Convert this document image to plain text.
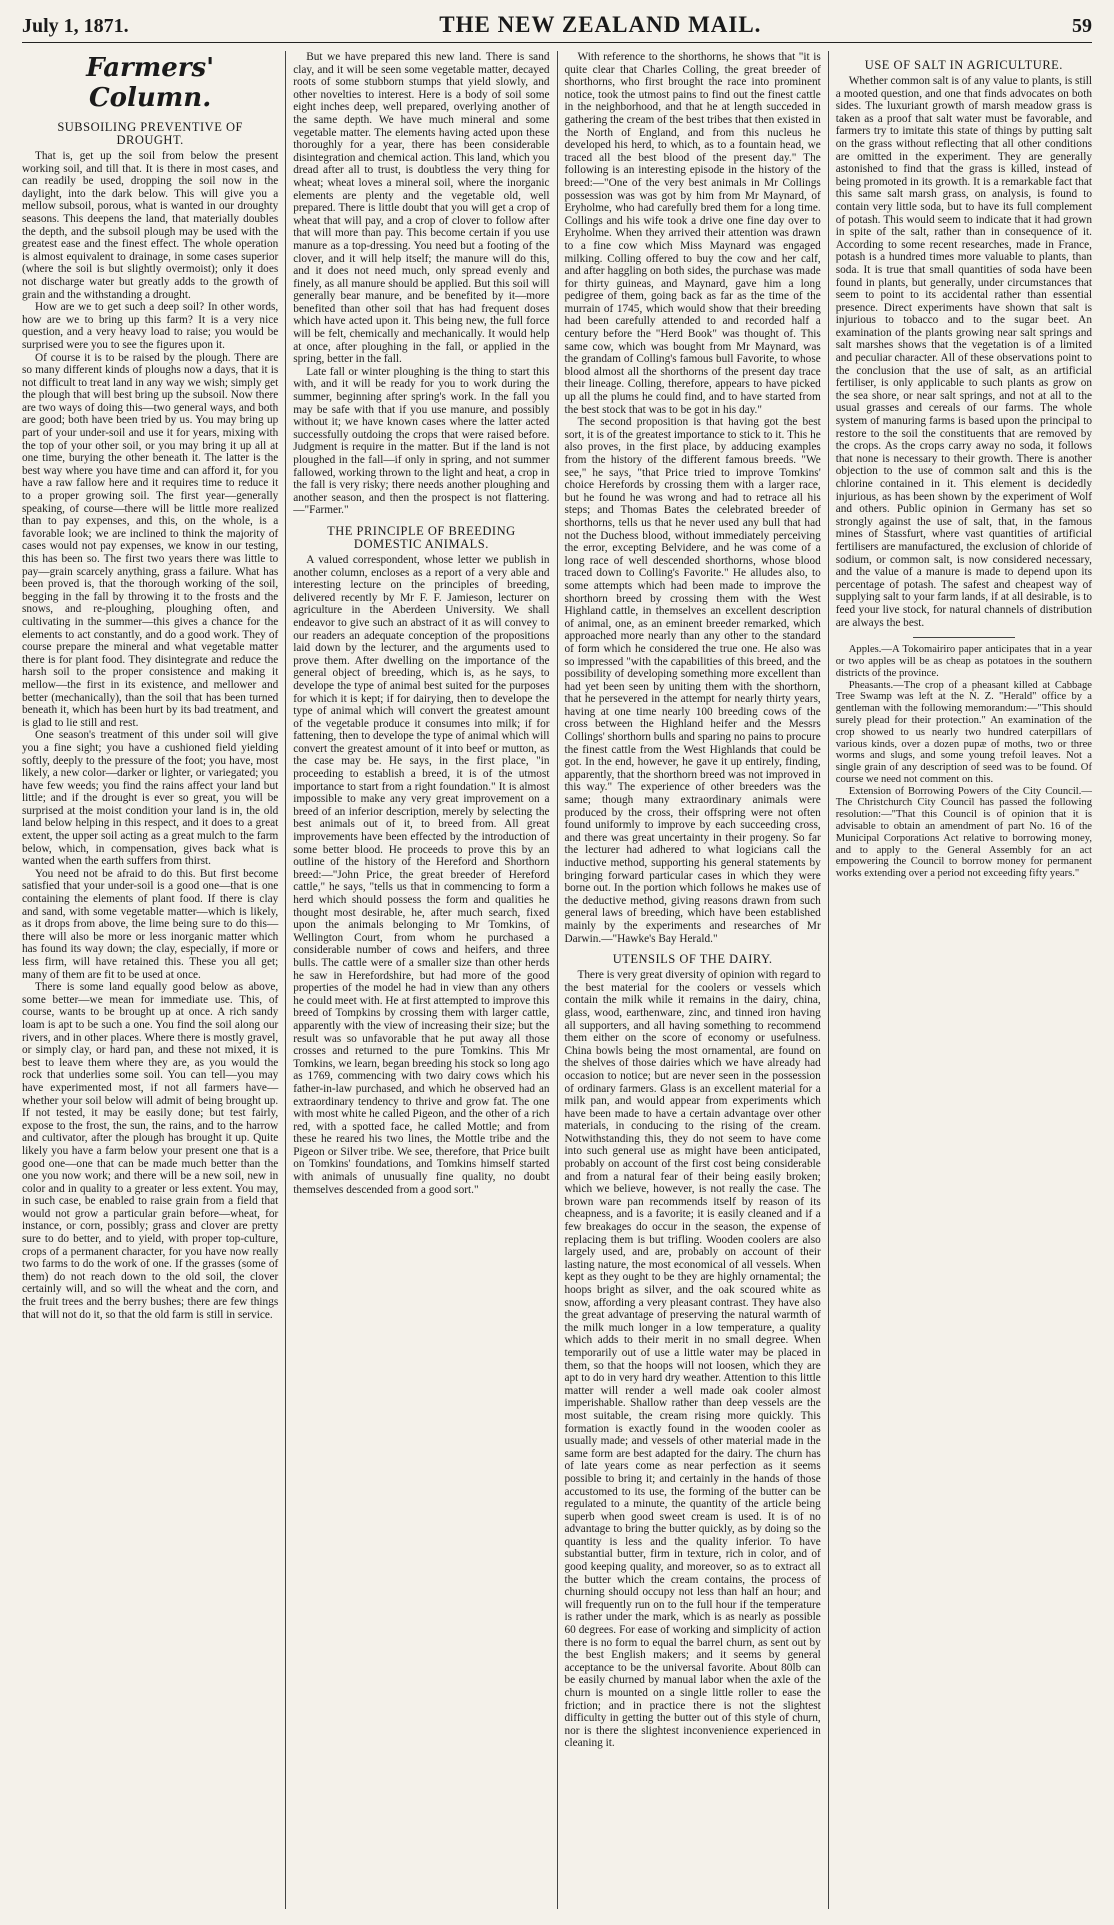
July 1, 1871.	THE NEW ZEALAND MAIL.	59
Farmers' Column.
SUBSOILING PREVENTIVE OF DROUGHT.

That is, get up the soil from below the present working soil, and till that. It is there in most cases, and can readily be used, dropping the soil now in the daylight, into the dark below. This will give you a mellow subsoil, porous, what is wanted in our droughty seasons. This deepens the land, that materially doubles the depth, and the subsoil plough may be used with the greatest ease and the finest effect. The whole operation is almost equivalent to drainage, in some cases superior (where the soil is but slightly overmoist); only it does not discharge water but greatly adds to the growth of grain and the withstanding a drought.

How are we to get such a deep soil? In other words, how are we to bring up this farm? It is a very nice question, and a very heavy load to raise; you would be surprised were you to see the figures upon it.

Of course it is to be raised by the plough. There are so many different kinds of ploughs now a days, that it is not difficult to treat land in any way we wish; simply get the plough that will best bring up the subsoil. Now there are two ways of doing this—two general ways, and both are good; both have been tried by us. You may bring up part of your under-soil and use it for years, mixing with the top of your other soil, or you may bring it up all at one time, burying the other beneath it. The latter is the best way where you have time and can afford it, for you have a raw fallow here and it requires time to reduce it to a proper growing soil. The first year—generally speaking, of course—there will be little more realized than to pay expenses, and this, on the whole, is a favorable look; we are inclined to think the majority of cases would not pay expenses, we know in our testing, this has been so. The first two years there was little to pay—grain scarcely anything, grass a failure. What has been proved is, that the thorough working of the soil, begging in the fall by throwing it to the frosts and the snows, and re-ploughing, ploughing often, and cultivating in the summer—this gives a chance for the elements to act constantly, and do a good work. They of course prepare the mineral and what vegetable matter there is for plant food. They disintegrate and reduce the harsh soil to the proper consistence and making it mellow—the first in its existence, and mellower and better (mechanically), than the soil that has been turned beneath it, which has been hurt by its bad treatment, and is glad to lie still and rest.

One season's treatment of this under soil will give you a fine sight; you have a cushioned field yielding softly, deeply to the pressure of the foot; you have, most likely, a new color—darker or lighter, or variegated; you have few weeds; you find the rains affect your land but little; and if the drought is ever so great, you will be surprised at the moist condition your land is in, the old land below helping in this respect, and it does to a great extent, the upper soil acting as a great mulch to the farm below, which, in compensation, gives back what is wanted when the earth suffers from thirst.

You need not be afraid to do this. But first become satisfied that your under-soil is a good one—that is one containing the elements of plant food. If there is clay and sand, with some vegetable matter—which is likely, as it drops from above, the lime being sure to do this—there will also be more or less inorganic matter which has found its way down; the clay, especially, if more or less firm, will have retained this. These you all get; many of them are fit to be used at once.

There is some land equally good below as above, some better—we mean for immediate use. This, of course, wants to be brought up at once. A rich sandy loam is apt to be such a one. You find the soil along our rivers, and in other places. Where there is mostly gravel, or simply clay, or hard pan, and these not mixed, it is best to leave them where they are, as you would the rock that underlies some soil. You can tell—you may have experimented most, if not all farmers have—whether your soil below will admit of being brought up. If not tested, it may be easily done; but test fairly, expose to the frost, the sun, the rains, and to the harrow and cultivator, after the plough has brought it up. Quite likely you have a farm below your present one that is a good one—one that can be made much better than the one you now work; and there will be a new soil, new in color and in quality to a greater or less extent. You may, in such case, be enabled to raise grain from a field that would not grow a particular grain before—wheat, for instance, or corn, possibly; grass and clover are pretty sure to do better, and to yield, with proper top-culture, crops of a permanent character, for you have now really two farms to do the work of one. If the grasses (some of them) do not reach down to the old soil, the clover certainly will, and so will the wheat and the corn, and the fruit trees and the berry bushes; there are few things that will not do it, so that the old farm is still in service.

But we have prepared this new land. There is sand clay, and it will be seen some vegetable matter, decayed roots of some stubborn stumps that yield slowly, and other novelties to interest. Here is a body of soil some eight inches deep, well prepared, overlying another of the same depth. We have much mineral and some vegetable matter. The elements having acted upon these thoroughly for a year, there has been considerable disintegration and chemical action. This land, which you dread after all to trust, is doubtless the very thing for wheat; wheat loves a mineral soil, where the inorganic elements are plenty and the vegetable old, well prepared. There is little doubt that you will get a crop of wheat that will pay, and a crop of clover to follow after that will more than pay. This become certain if you use manure as a top-dressing. You need but a footing of the clover, and it will help itself; the manure will do this, and it does not need much, only spread evenly and finely, as all manure should be applied. But this soil will generally bear manure, and be benefited by it—more benefited than other soil that has had frequent doses which have acted upon it. This being new, the full force will be felt, chemically and mechanically. It would help at once, after ploughing in the fall, or applied in the spring, better in the fall.

Late fall or winter ploughing is the thing to start this with, and it will be ready for you to work during the summer, beginning after spring's work. In the fall you may be safe with that if you use manure, and possibly without it; we have known cases where the latter acted successfully outdoing the crops that were raised before. Judgment is require in the matter. But if the land is not ploughed in the fall—if only in spring, and not summer fallowed, working thrown to the light and heat, a crop in the fall is very risky; there needs another ploughing and another season, and then the prospect is not flattering.—"Farmer."

THE PRINCIPLE OF BREEDING DOMESTIC ANIMALS.

A valued correspondent, whose letter we publish in another column, encloses as a report of a very able and interesting lecture on the principles of breeding, delivered recently by Mr F. F. Jamieson, lecturer on agriculture in the Aberdeen University. We shall endeavor to give such an abstract of it as will convey to our readers an adequate conception of the propositions laid down by the lecturer, and the arguments used to prove them. After dwelling on the importance of the general object of breeding, which is, as he says, to develope the type of animal best suited for the purposes for which it is kept; if for dairying, then to develope the type of animal which will convert the greatest amount of the vegetable produce it consumes into milk; if for fattening, then to develope the type of animal which will convert the greatest amount of it into beef or mutton, as the case may be. He says, in the first place, "in proceeding to establish a breed, it is of the utmost importance to start from a right foundation." It is almost impossible to make any very great improvement on a breed of an inferior description, merely by selecting the best animals out of it, to breed from. All great improvements have been effected by the introduction of some better blood. He proceeds to prove this by an outline of the history of the Hereford and Shorthorn breed:—"John Price, the great breeder of Hereford cattle," he says, "tells us that in commencing to form a herd which should possess the form and qualities he thought most desirable, he, after much search, fixed upon the animals belonging to Mr Tomkins, of Wellington Court, from whom he purchased a considerable number of cows and heifers, and three bulls. The cattle were of a smaller size than other herds he saw in Herefordshire, but had more of the good properties of the model he had in view than any others he could meet with. He at first attempted to improve this breed of Tompkins by crossing them with larger cattle, apparently with the view of increasing their size; but the result was so unfavorable that he put away all those crosses and returned to the pure Tomkins. This Mr Tomkins, we learn, began breeding his stock so long ago as 1769, commencing with two dairy cows which his father-in-law purchased, and which he observed had an extraordinary tendency to thrive and grow fat. The one with most white he called Pigeon, and the other of a rich red, with a spotted face, he called Mottle; and from these he reared his two lines, the Mottle tribe and the Pigeon or Silver tribe. We see, therefore, that Price built on Tomkins' foundations, and Tomkins himself started with animals of unusually fine quality, no doubt themselves descended from a good sort."

With reference to the shorthorns, he shows that "it is quite clear that Charles Colling, the great breeder of shorthorns, who first brought the race into prominent notice, took the utmost pains to find out the finest cattle in the neighborhood, and that he at length succeded in gathering the cream of the best tribes that then existed in the North of England, and from this nucleus he developed his herd, to which, as to a fountain head, we traced all the best blood of the present day." The following is an interesting episode in the history of the breed:—"One of the very best animals in Mr Collings possession was was got by him from Mr Maynard, of Eryholme, who had carefully bred them for a long time. Collings and his wife took a drive one fine day over to Eryholme. When they arrived their attention was drawn to a fine cow which Miss Maynard was engaged milking. Colling offered to buy the cow and her calf, and after haggling on both sides, the purchase was made for thirty guineas, and Maynard, gave him a long pedigree of them, going back as far as the time of the murrain of 1745, which would show that their breeding had been carefully attended to and recorded half a century before the "Herd Book" was thought of. This same cow, which was bought from Mr Maynard, was the grandam of Colling's famous bull Favorite, to whose blood almost all the shorthorns of the present day trace their lineage. Colling, therefore, appears to have picked up all the plums he could find, and to have started from the best stock that was to be got in his day."

The second proposition is that having got the best sort, it is of the greatest importance to stick to it. This he also proves, in the first place, by adducing examples from the history of the different famous breeds. "We see," he says, "that Price tried to improve Tomkins' choice Herefords by crossing them with a larger race, but he found he was wrong and had to retrace all his steps; and Thomas Bates the celebrated breeder of shorthorns, tells us that he never used any bull that had not the Duchess blood, without immediately perceiving the error, excepting Belvidere, and he was come of a long race of well descended shorthorns, whose blood traced down to Colling's Favorite." He alludes also, to some attempts which had been made to improve the shorthorn breed by crossing them with the West Highland cattle, in themselves an excellent description of animal, one, as an eminent breeder remarked, which approached more nearly than any other to the standard of form which he considered the true one. He also was so impressed "with the capabilities of this breed, and the possibility of developing something more excellent than had yet been seen by uniting them with the shorthorn, that he persevered in the attempt for nearly thirty years, having at one time nearly 100 breeding cows of the cross between the Highland heifer and the Messrs Collings' shorthorn bulls and sparing no pains to procure the finest cattle from the West Highlands that could be got. In the end, however, he gave it up entirely, finding, apparently, that the shorthorn breed was not improved in this way." The experience of other breeders was the same; though many extraordinary animals were produced by the cross, their offspring were not often found uniformly to improve by each succeeding cross, and there was great uncertainty in their progeny. So far the lecturer had adhered to what logicians call the inductive method, supporting his general statements by bringing forward particular cases in which they were borne out. In the portion which follows he makes use of the deductive method, giving reasons drawn from such general laws of breeding, which have been established mainly by the experiments and researches of Mr Darwin.—"Hawke's Bay Herald."

UTENSILS OF THE DAIRY.

There is very great diversity of opinion with regard to the best material for the coolers or vessels which contain the milk while it remains in the dairy, china, glass, wood, earthenware, zinc, and tinned iron having all supporters, and all having something to recommend them either on the score of economy or usefulness. China bowls being the most ornamental, are found on the shelves of those dairies which we have already had occasion to notice; but are never seen in the possession of ordinary farmers. Glass is an excellent material for a milk pan, and would appear from experiments which have been made to have a certain advantage over other materials, in conducing to the rising of the cream. Notwithstanding this, they do not seem to have come into such general use as might have been anticipated, probably on account of the first cost being considerable and from a natural fear of their being easily broken; which we believe, however, is not really the case. The brown ware pan recommends itself by reason of its cheapness, and is a favorite; it is easily cleaned and if a few breakages do occur in the season, the expense of replacing them is but trifling. Wooden coolers are also largely used, and are, probably on account of their lasting nature, the most economical of all vessels. When kept as they ought to be they are highly ornamental; the hoops bright as silver, and the oak scoured white as snow, affording a very pleasant contrast. They have also the great advantage of preserving the natural warmth of the milk much longer in a low temperature, a quality which adds to their merit in no small degree. When temporarily out of use a little water may be placed in them, so that the hoops will not loosen, which they are apt to do in very hard dry weather. Attention to this little matter will render a well made oak cooler almost imperishable. Shallow rather than deep vessels are the most suitable, the cream rising more quickly. This formation is exactly found in the wooden cooler as usually made; and vessels of other material made in the same form are best adapted for the dairy. The churn has of late years come as near perfection as it seems possible to bring it; and certainly in the hands of those accustomed to its use, the forming of the butter can be regulated to a minute, the quantity of the article being superb when good sweet cream is used. It is of no advantage to bring the butter quickly, as by doing so the quantity is less and the quality inferior. To have substantial butter, firm in texture, rich in color, and of good keeping quality, and moreover, so as to extract all the butter which the cream contains, the process of churning should occupy not less than half an hour; and will frequently run on to the full hour if the temperature is rather under the mark, which is as nearly as possible 60 degrees. For ease of working and simplicity of action there is no form to equal the barrel churn, as sent out by the best English makers; and it seems by general acceptance to be the universal favorite. About 80lb can be easily churned by manual labor when the axle of the churn is mounted on a single little roller to ease the friction; and in practice there is not the slightest difficulty in getting the butter out of this style of churn, nor is there the slightest inconvenience experienced in cleaning it.

USE OF SALT IN AGRICULTURE.

Whether common salt is of any value to plants, is still a mooted question, and one that finds advocates on both sides. The luxuriant growth of marsh meadow grass is taken as a proof that salt water must be favorable, and farmers try to imitate this state of things by putting salt on the grass without reflecting that all other conditions are omitted in the experiment. They are generally astonished to find that the grass is killed, instead of being promoted in its growth. It is a remarkable fact that this same salt marsh grass, on analysis, is found to contain very little soda, but to have its full complement of potash. This would seem to indicate that it had grown in spite of the salt, rather than in consequence of it. According to some recent researches, made in France, potash is a hundred times more valuable to plants, than soda. It is true that small quantities of soda have been found in plants, but generally, under circumstances that seem to point to its accidental rather than essential presence. Direct experiments have shown that salt is injurious to tobacco and to the sugar beet. An examination of the plants growing near salt springs and salt marshes shows that the vegetation is of a limited and peculiar character. All of these observations point to the conclusion that the use of salt, as an artificial fertiliser, is only applicable to such plants as grow on the sea shore, or near salt springs, and not at all to the usual grasses and cereals of our farms. The whole system of manuring farms is based upon the principal to restore to the soil the constituents that are removed by the crops. As the crops carry away no soda, it follows that none is necessary to their growth. There is another objection to the use of common salt and this is the chlorine contained in it. This element is decidedly injurious, as has been shown by the experiment of Wolf and others. Public opinion in Germany has set so strongly against the use of salt, that, in the famous mines of Stassfurt, where vast quantities of artificial fertilisers are manufactured, the exclusion of chloride of sodium, or common salt, is now considered necessary, and the value of a manure is made to depend upon its percentage of potash. The safest and cheapest way of supplying salt to your farm lands, if at all desirable, is to feed your live stock, for natural channels of distribution are always the best.

Apples.—A Tokomairiro paper anticipates that in a year or two apples will be as cheap as potatoes in the southern districts of the province.

Pheasants.—The crop of a pheasant killed at Cabbage Tree Swamp was left at the N. Z. "Herald" office by a gentleman with the following memorandum:—"This should surely plead for their protection." An examination of the crop showed to us nearly two hundred caterpillars of various kinds, over a dozen pupæ of moths, two or three worms and slugs, and some young trefoil leaves. Not a single grain of any description of seed was to be found. Of course we need not comment on this.

Extension of Borrowing Powers of the City Council.—The Christchurch City Council has passed the following resolution:—"That this Council is of opinion that it is advisable to obtain an amendment of part No. 16 of the Municipal Corporations Act relative to borrowing money, and to apply to the General Assembly for an act empowering the Council to borrow money for permanent works extending over a period not exceeding fifty years."
